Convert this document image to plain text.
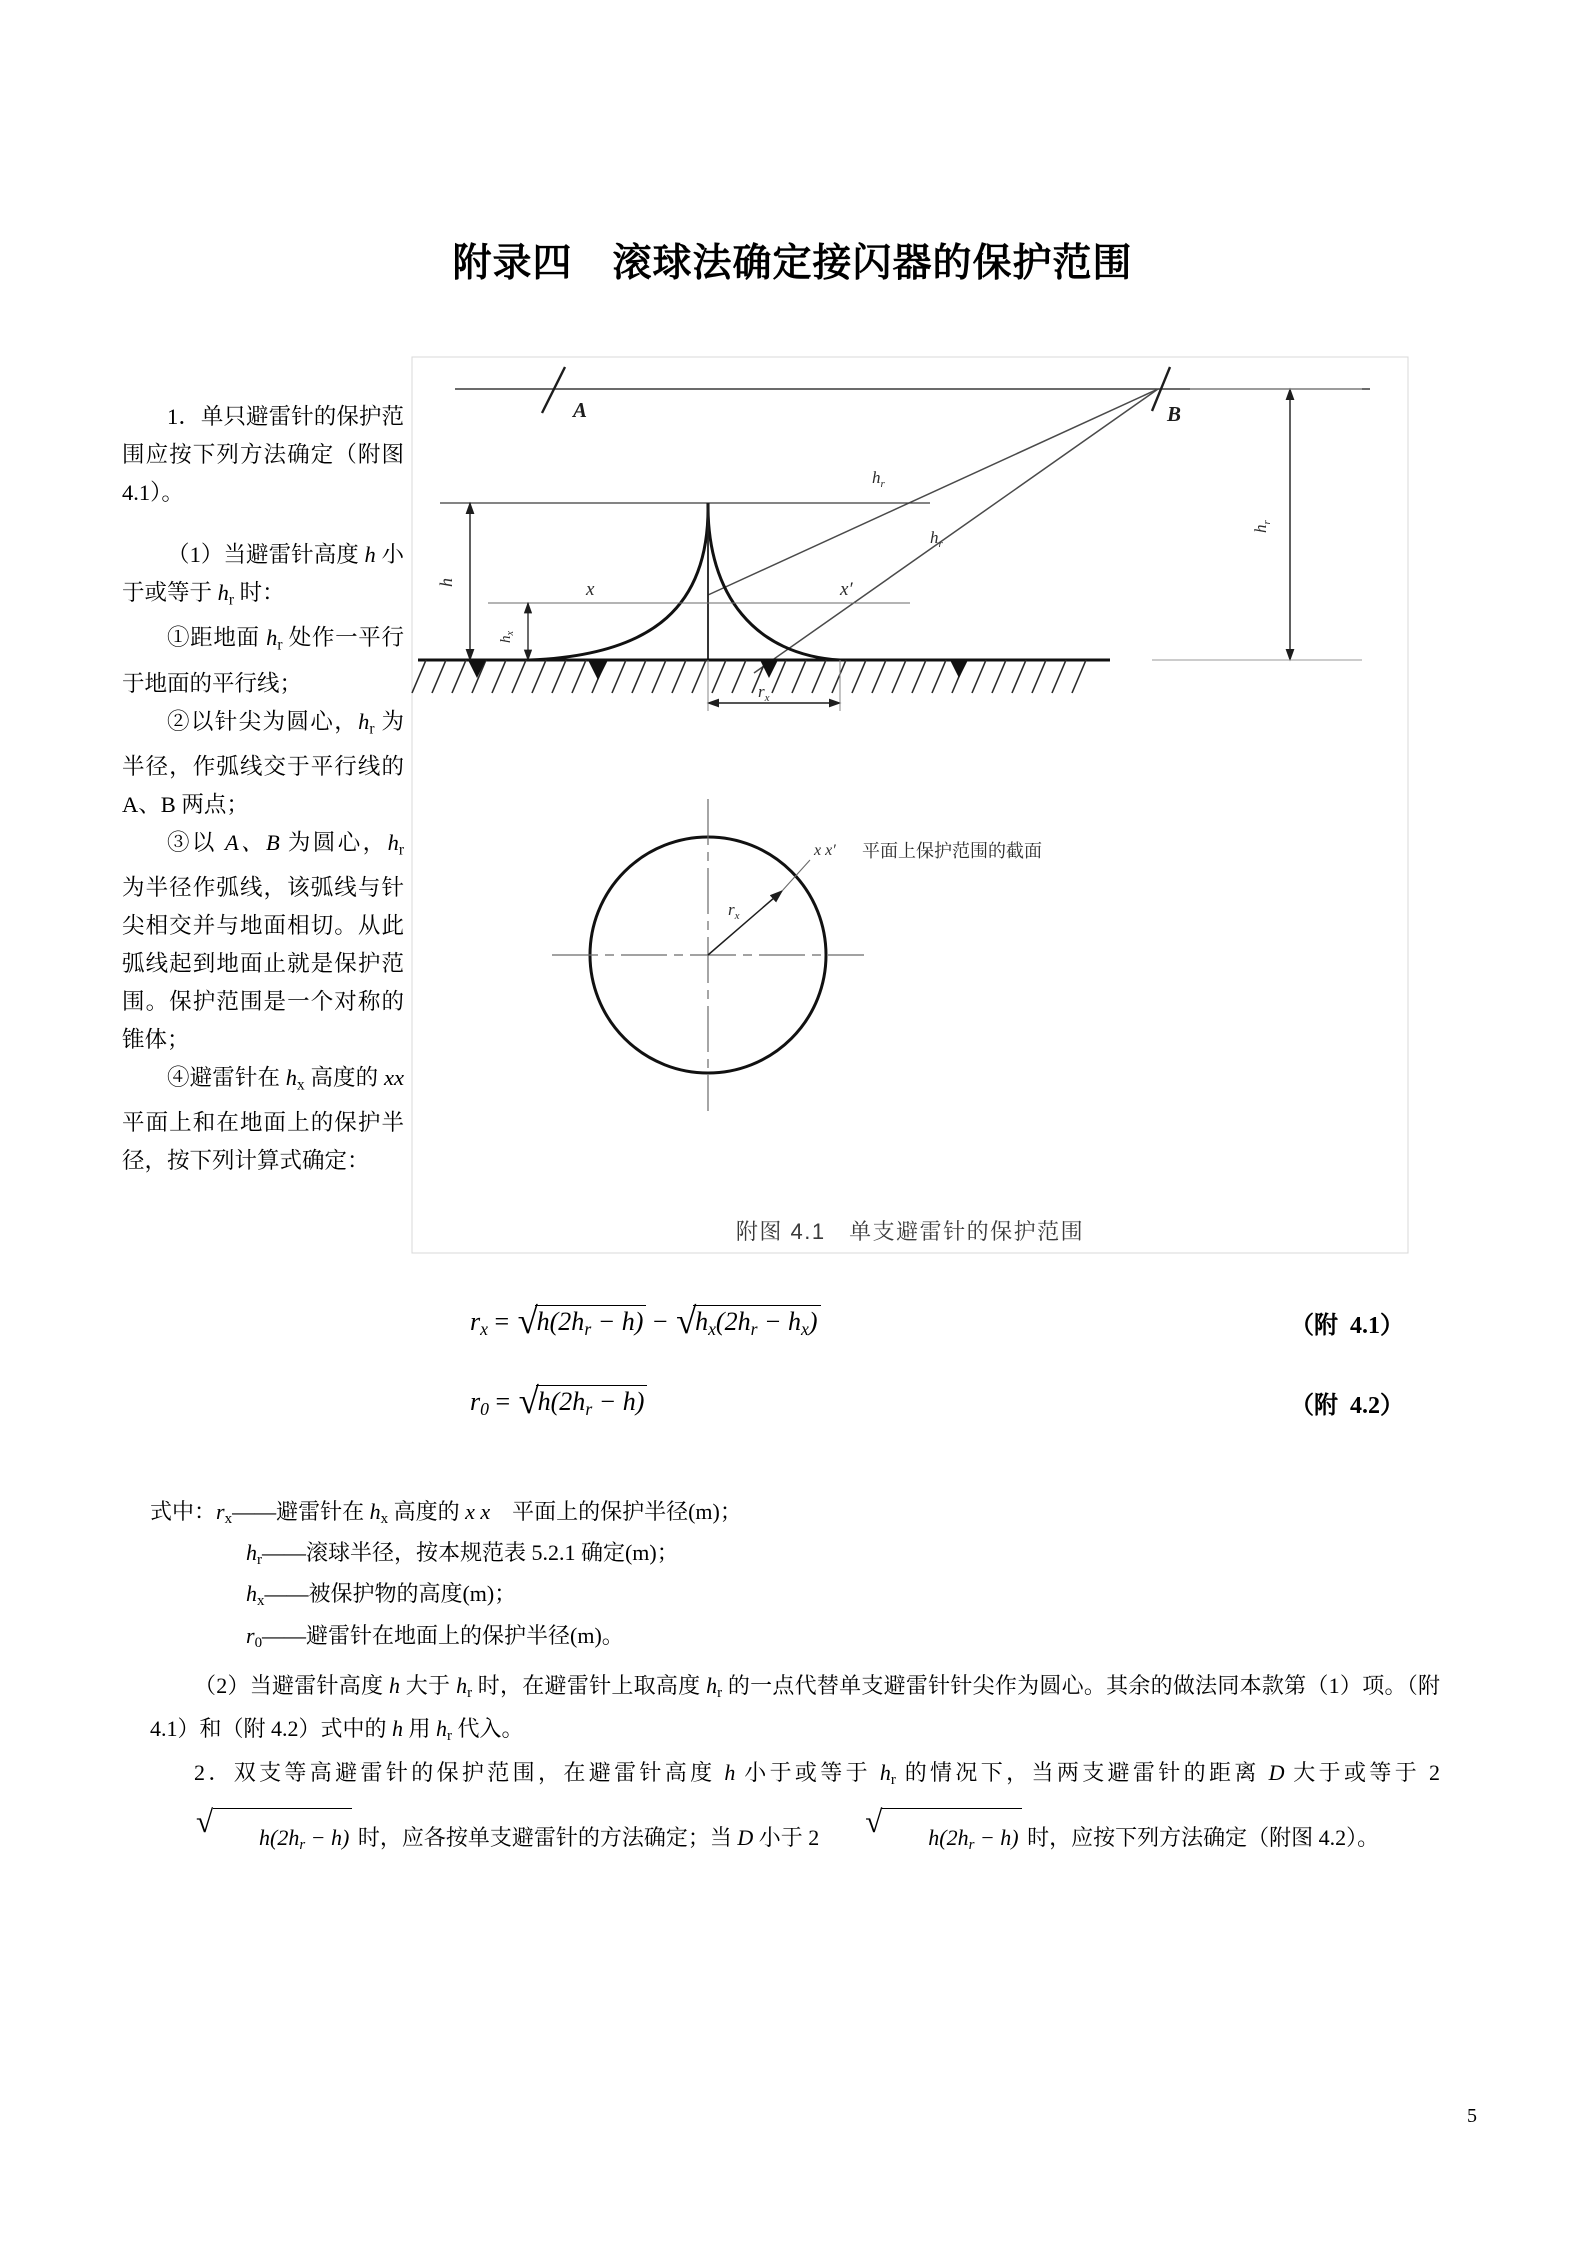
附录四　滚球法确定接闪器的保护范围

1．单只避雷针的保护范围应按下列方法确定（附图 4.1）。

（1）当避雷针高度 h 小于或等于 $h_r$ 时：

①距地面 $h_r$ 处作一平行于地面的平行线；

②以针尖为圆心，$h_r$ 为半径，作弧线交于平行线的 A、B 两点；

③以 A、B 为圆心，$h_r$ 为半径作弧线，该弧线与针尖相交并与地面相切。从此弧线起到地面止就是保护范围。保护范围是一个对称的锥体；

④避雷针在 $h_x$ 高度的 xx 平面上和在地面上的保护半径，按下列计算式确定：

A	B
$h_r$
$h_r$
$h_r$
h
$h_x$
x	x′
$r_x$
$r_x$
x x′ 平面上保护范围的截面
附图 4.1　单支避雷针的保护范围
$r_x$ = √
$h(2h_r - h)$ − √
$h_x(2h_r - h_x)$	（附  4.1）
$r_0$ = √
$h(2h_r - h)$	（附  4.2）
式中：$r_x——$避雷针在 $h_x$ 高度的 x x　平面上的保护半径(m)；
$h_r——$滚球半径，按本规范表 5.2.1 确定(m)；
$h_x——$被保护物的高度(m)；
$r_0——$避雷针在地面上的保护半径(m)。

（2）当避雷针高度 h 大于 $h_r$ 时，在避雷针上取高度 $h_r$ 的一点代替单支避雷针针尖作为圆心。其余的做法同本款第（1）项。（附 4.1）和（附 4.2）式中的 h 用 $h_r$ 代入。

2．双支等高避雷针的保护范围，在避雷针高度 h 小于或等于 $h_r$ 的情况下，当两支避雷针的距离 D 大于或等于 2
√ $h(2h_r - h)$ 时，应各按单支避雷针的方法确定；当 D 小于 2	√ $h(2h_r - h)$ 时，应按下列方法确定（附图 4.2）。

5
